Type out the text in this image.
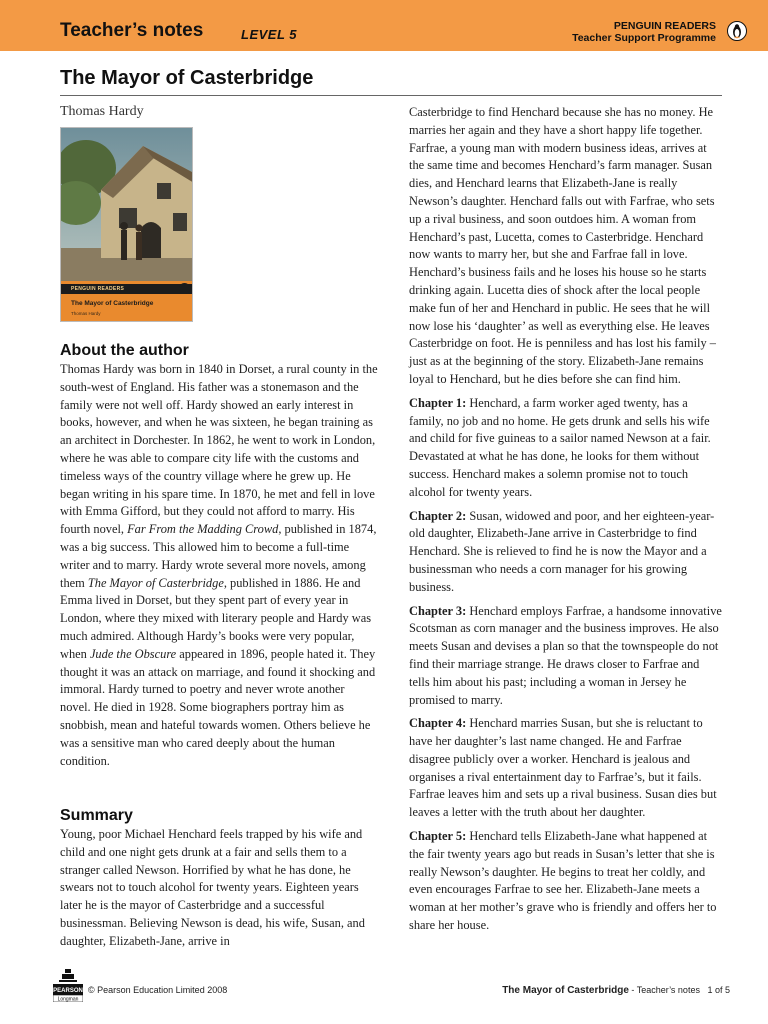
Teacher’s notes	LEVEL 5
PENGUIN READERS
Teacher Support Programme
The Mayor of Casterbridge
Thomas Hardy
PENGUIN READERS
The Mayor of Casterbridge
Thomas Hardy
About the author

Thomas Hardy was born in 1840 in Dorset, a rural county in the south-west of England. His father was a stonemason and the family were not well off. Hardy showed an early interest in books, however, and when he was sixteen, he began training as an architect in Dorchester. In 1862, he went to work in London, where he was able to compare city life with the customs and timeless ways of the country village where he grew up. He began writing in his spare time. In 1870, he met and fell in love with Emma Gifford, but they could not afford to marry. His fourth novel, Far From the Madding Crowd, published in 1874, was a big success. This allowed him to become a full-time writer and to marry. Hardy wrote several more novels, among them The Mayor of Casterbridge, published in 1886. He and Emma lived in Dorset, but they spent part of every year in London, where they mixed with literary people and Hardy was much admired. Although Hardy’s books were very popular, when Jude the Obscure appeared in 1896, people hated it. They thought it was an attack on marriage, and found it shocking and immoral. Hardy turned to poetry and never wrote another novel. He died in 1928. Some biographers portray him as snobbish, mean and hateful towards women. Others believe he was a sensitive man who cared deeply about the human condition.

Summary

Young, poor Michael Henchard feels trapped by his wife and child and one night gets drunk at a fair and sells them to a stranger called Newson. Horrified by what he has done, he swears not to touch alcohol for twenty years. Eighteen years later he is the mayor of Casterbridge and a successful businessman. Believing Newson is dead, his wife, Susan, and daughter, Elizabeth-Jane, arrive in

Casterbridge to find Henchard because she has no money. He marries her again and they have a short happy life together. Farfrae, a young man with modern business ideas, arrives at the same time and becomes Henchard’s farm manager. Susan dies, and Henchard learns that Elizabeth-Jane is really Newson’s daughter. Henchard falls out with Farfrae, who sets up a rival business, and soon outdoes him. A woman from Henchard’s past, Lucetta, comes to Casterbridge. Henchard now wants to marry her, but she and Farfrae fall in love. Henchard’s business fails and he loses his house so he starts drinking again. Lucetta dies of shock after the local people make fun of her and Henchard in public. He sees that he will now lose his ‘daughter’ as well as everything else. He leaves Casterbridge on foot. He is penniless and has lost his family – just as at the beginning of the story. Elizabeth-Jane remains loyal to Henchard, but he dies before she can find him.

Chapter 1: Henchard, a farm worker aged twenty, has a family, no job and no home. He gets drunk and sells his wife and child for five guineas to a sailor named Newson at a fair. Devastated at what he has done, he looks for them without success. Henchard makes a solemn promise not to touch alcohol for twenty years.

Chapter 2: Susan, widowed and poor, and her eighteen-year-old daughter, Elizabeth-Jane arrive in Casterbridge to find Henchard. She is relieved to find he is now the Mayor and a businessman who needs a corn manager for his growing business.

Chapter 3: Henchard employs Farfrae, a handsome innovative Scotsman as corn manager and the business improves. He also meets Susan and devises a plan so that the townspeople do not find their marriage strange. He draws closer to Farfrae and tells him about his past; including a woman in Jersey he promised to marry.

Chapter 4: Henchard marries Susan, but she is reluctant to have her daughter’s last name changed. He and Farfrae disagree publicly over a worker. Henchard is jealous and organises a rival entertainment day to Farfrae’s, but it fails. Farfrae leaves him and sets up a rival business. Susan dies but leaves a letter with the truth about her daughter.

Chapter 5: Henchard tells Elizabeth-Jane what happened at the fair twenty years ago but reads in Susan’s letter that she is really Newson’s daughter. He begins to treat her coldly, and even encourages Farfrae to see her. Elizabeth-Jane meets a woman at her mother’s grave who is friendly and offers her to share her house.

PEARSON
Longman
© Pearson Education Limited 2008	The Mayor of Casterbridge - Teacher’s notes 1 of 5
